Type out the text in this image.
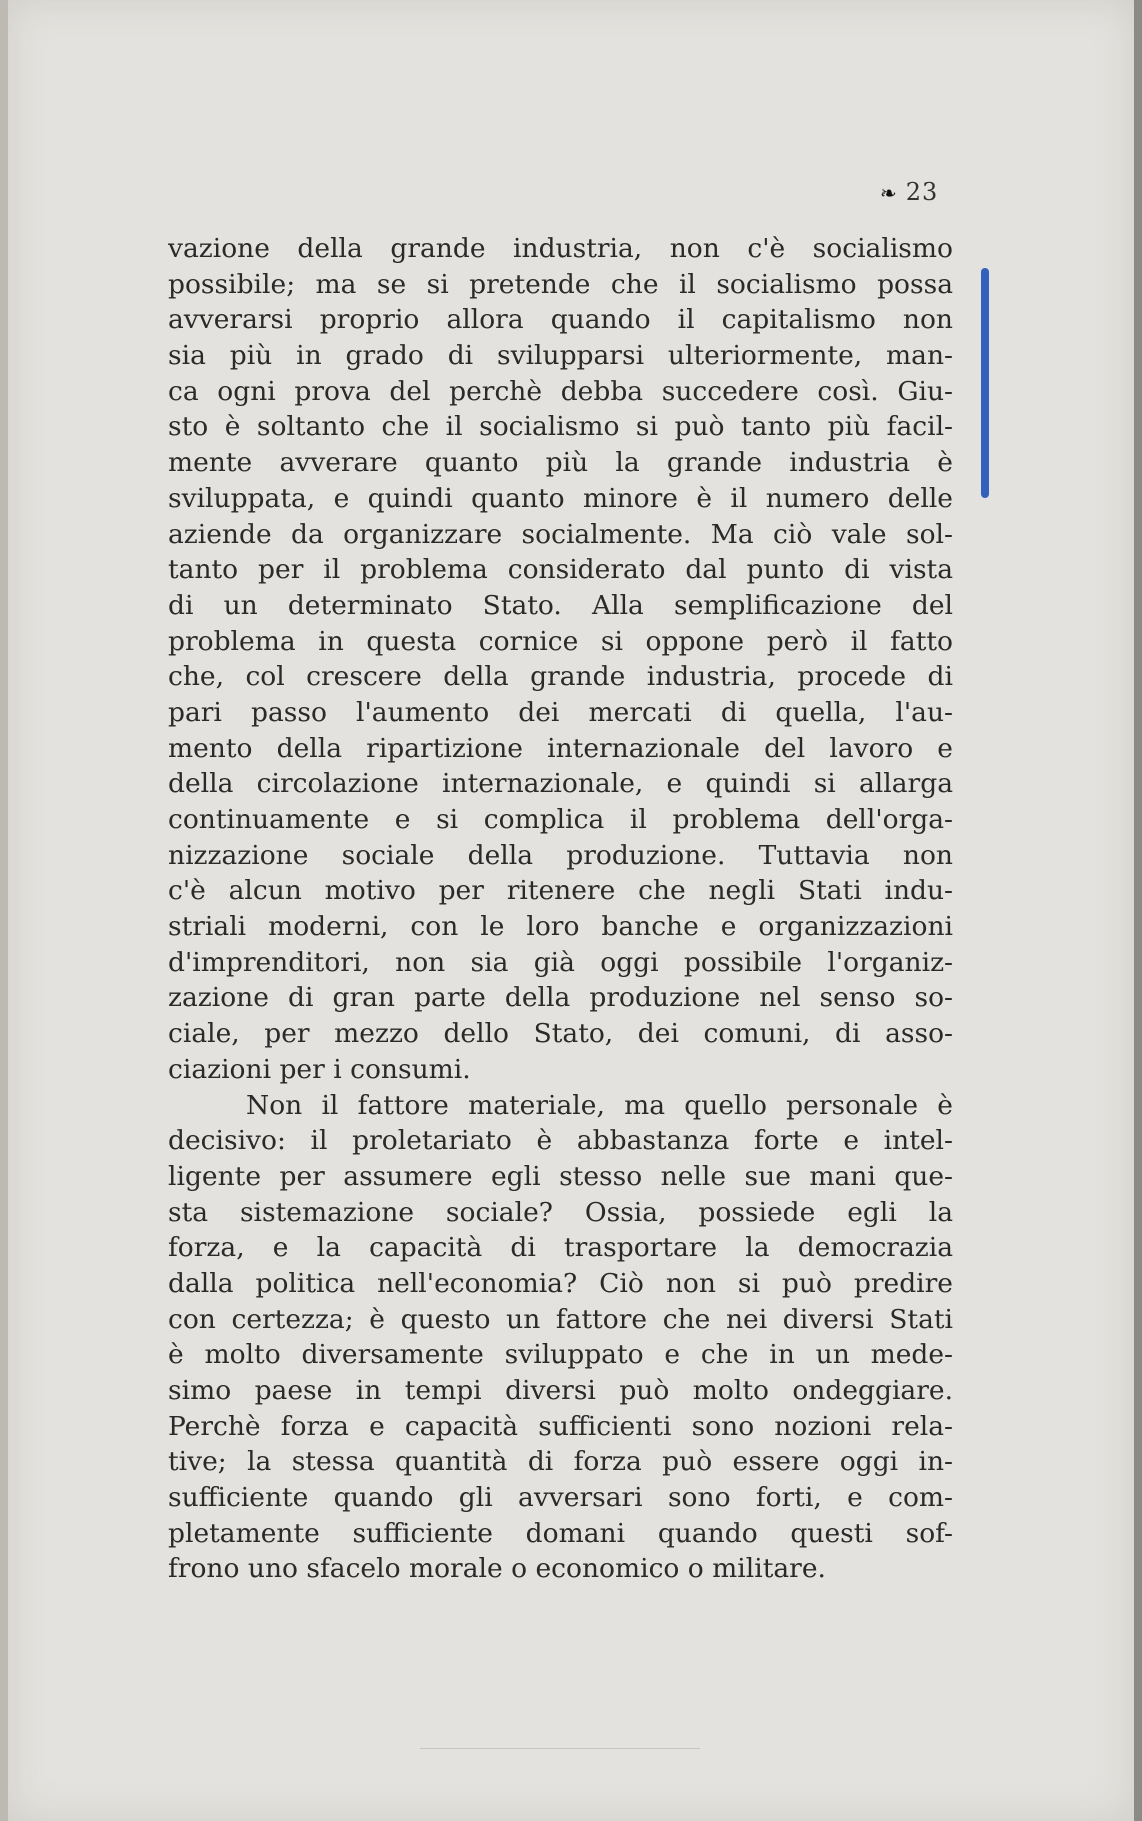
❧ 23
vazione della grande industria, non c'è socialismo
possibile; ma se si pretende che il socialismo possa
avverarsi proprio allora quando il capitalismo non
sia più in grado di svilupparsi ulteriormente, man-
ca ogni prova del perchè debba succedere così. Giu-
sto è soltanto che il socialismo si può tanto più facil-
mente avverare quanto più la grande industria è
sviluppata, e quindi quanto minore è il numero delle
aziende da organizzare socialmente. Ma ciò vale sol-
tanto per il problema considerato dal punto di vista
di un determinato Stato. Alla semplificazione del
problema in questa cornice si oppone però il fatto
che, col crescere della grande industria, procede di
pari passo l'aumento dei mercati di quella, l'au-
mento della ripartizione internazionale del lavoro e
della circolazione internazionale, e quindi si allarga
continuamente e si complica il problema dell'orga-
nizzazione sociale della produzione. Tuttavia non
c'è alcun motivo per ritenere che negli Stati indu-
striali moderni, con le loro banche e organizzazioni
d'imprenditori, non sia già oggi possibile l'organiz-
zazione di gran parte della produzione nel senso so-
ciale, per mezzo dello Stato, dei comuni, di asso-
ciazioni per i consumi.
Non il fattore materiale, ma quello personale è
decisivo: il proletariato è abbastanza forte e intel-
ligente per assumere egli stesso nelle sue mani que-
sta sistemazione sociale? Ossia, possiede egli la
forza, e la capacità di trasportare la democrazia
dalla politica nell'economia? Ciò non si può predire
con certezza; è questo un fattore che nei diversi Stati
è molto diversamente sviluppato e che in un mede-
simo paese in tempi diversi può molto ondeggiare.
Perchè forza e capacità sufficienti sono nozioni rela-
tive; la stessa quantità di forza può essere oggi in-
sufficiente quando gli avversari sono forti, e com-
pletamente sufficiente domani quando questi sof-
frono uno sfacelo morale o economico o militare.
